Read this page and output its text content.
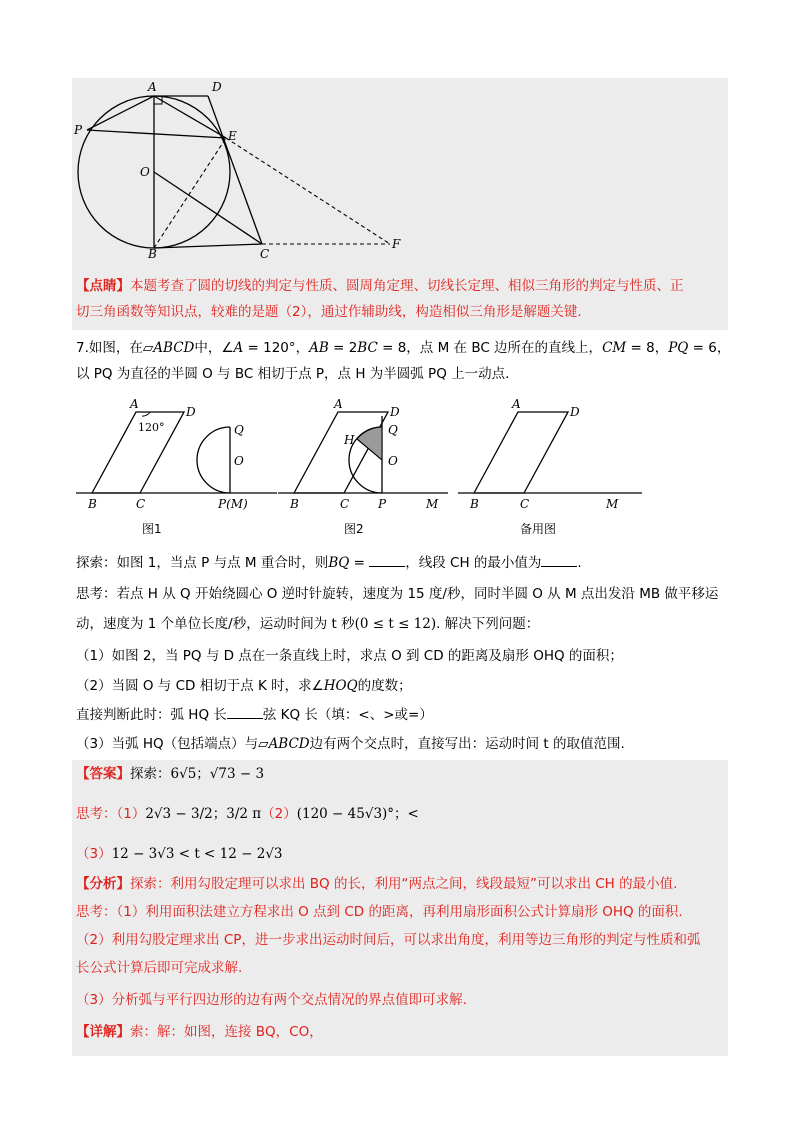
A	D
P	E
O
B	C
F
【点睛】本题考查了圆的切线的判定与性质、圆周角定理、切线长定理、相似三角形的判定与性质、正
切三角函数等知识点，较难的是题（2），通过作辅助线，构造相似三角形是解题关键.
7.如图，在▱ABCD中，∠A = 120°，AB = 2BC = 8，点 M 在 BC 边所在的直线上，CM = 8，PQ = 6，
以 PQ 为直径的半圆 O 与 BC 相切于点 P，点 H 为半圆弧 PQ 上一动点.
A
D
120°	Q
O
B	C	P(M)
图1
A
D
H
Q
O
B	C P	M
图2
A
D
B	C	M
备用图
探索：如图 1，当点 P 与点 M 重合时，则BQ =	，线段 CH 的最小值为	.
思考：若点 H 从 Q 开始绕圆心 O 逆时针旋转，速度为 15 度/秒，同时半圆 O 从 M 点出发沿 MB 做平移运
动，速度为 1 个单位长度/秒，运动时间为 t 秒(0 ≤ t ≤ 12). 解决下列问题：
（1）如图 2，当 PQ 与 D 点在一条直线上时，求点 O 到 CD 的距离及扇形 OHQ 的面积；
（2）当圆 O 与 CD 相切于点 K 时，求∠HOQ的度数；
直接判断此时：弧 HQ 长	弦 KQ 长（填：<、>或=）
（3）当弧 HQ（包括端点）与▱ABCD边有两个交点时，直接写出：运动时间 t 的取值范围.
【答案】探索：6√5；√73 − 3
思考：（1）2√3 − 3/2；3/2 π（2）(120 − 45√3)°；<
（3）12 − 3√3 < t < 12 − 2√3
【分析】探索：利用勾股定理可以求出 BQ 的长，利用“两点之间，线段最短”可以求出 CH 的最小值.
思考：（1）利用面积法建立方程求出 O 点到 CD 的距离，再利用扇形面积公式计算扇形 OHQ 的面积.
（2）利用勾股定理求出 CP，进一步求出运动时间后，可以求出角度，利用等边三角形的判定与性质和弧
长公式计算后即可完成求解.
（3）分析弧与平行四边形的边有两个交点情况的界点值即可求解.
【详解】索：解：如图，连接 BQ，CO，
